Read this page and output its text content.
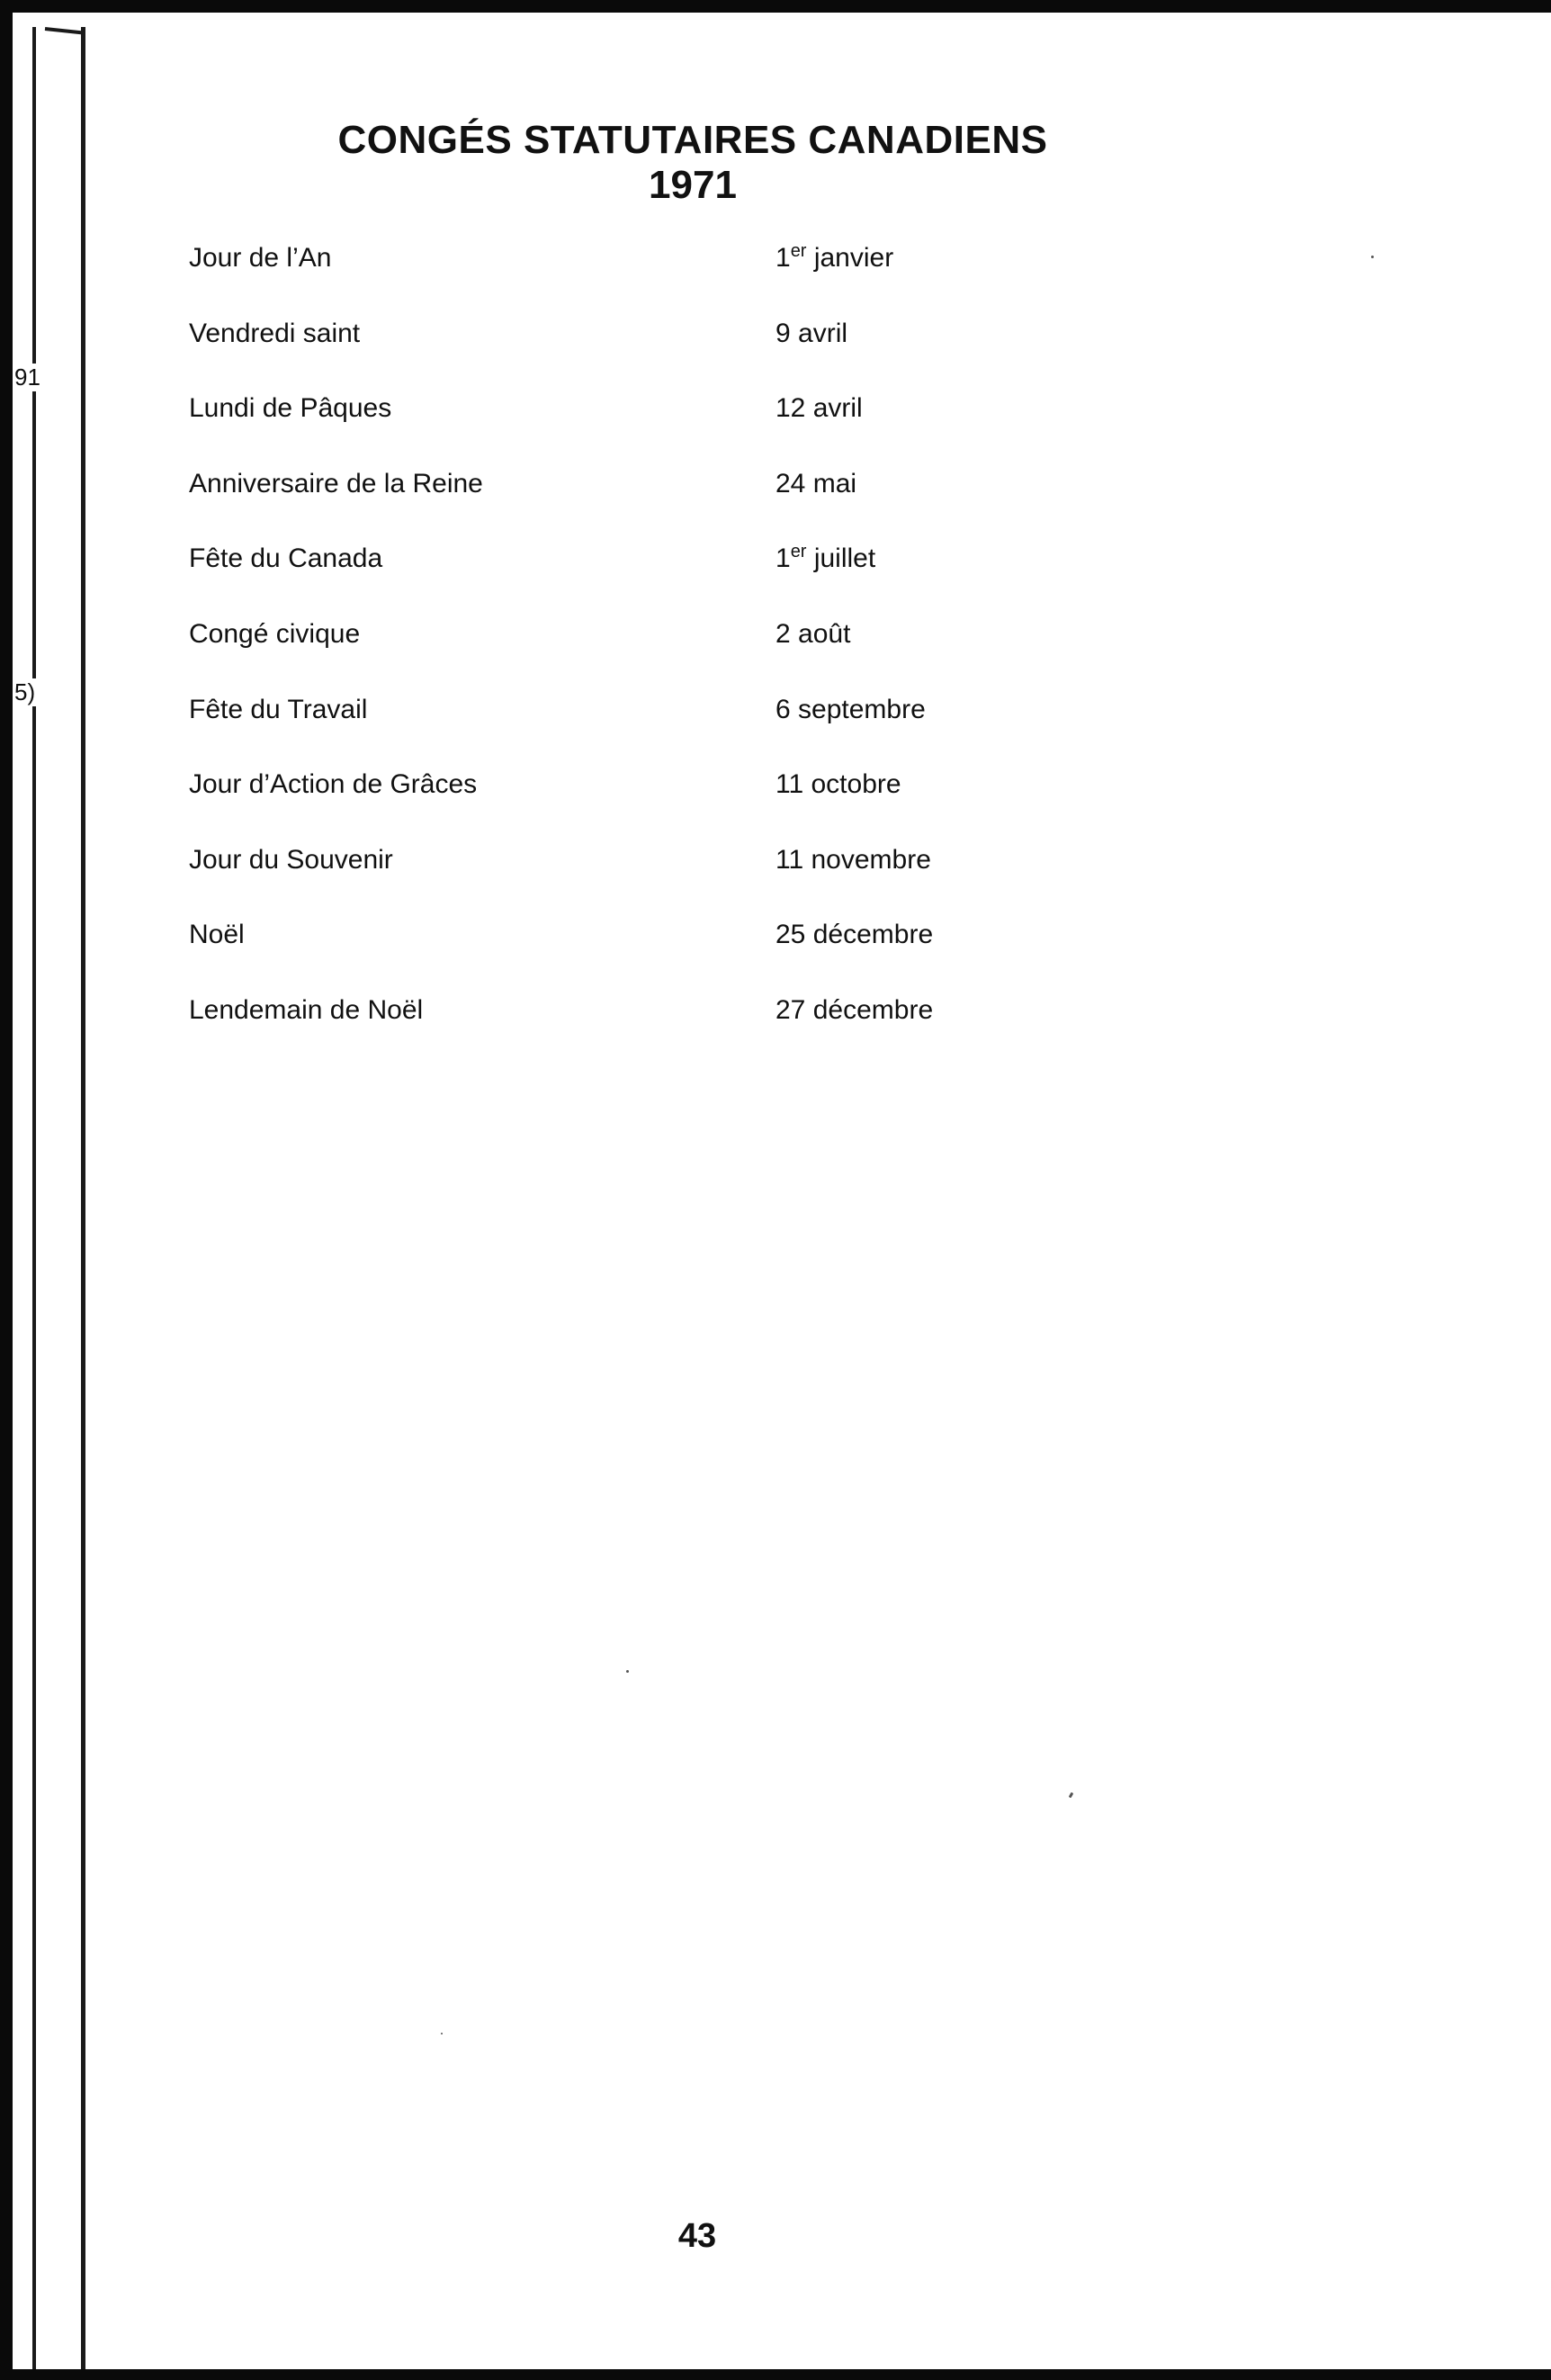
91
5)
CONGÉS STATUTAIRES CANADIENS
1971
Jour de l’An	1er janvier
Vendredi saint	9 avril
Lundi de Pâques	12 avril
Anniversaire de la Reine	24 mai
Fête du Canada	1er juillet
Congé civique	2 août
Fête du Travail	6 septembre
Jour d’Action de Grâces	11 octobre
Jour du Souvenir	11 novembre
Noël	25 décembre
Lendemain de Noël	27 décembre
43
